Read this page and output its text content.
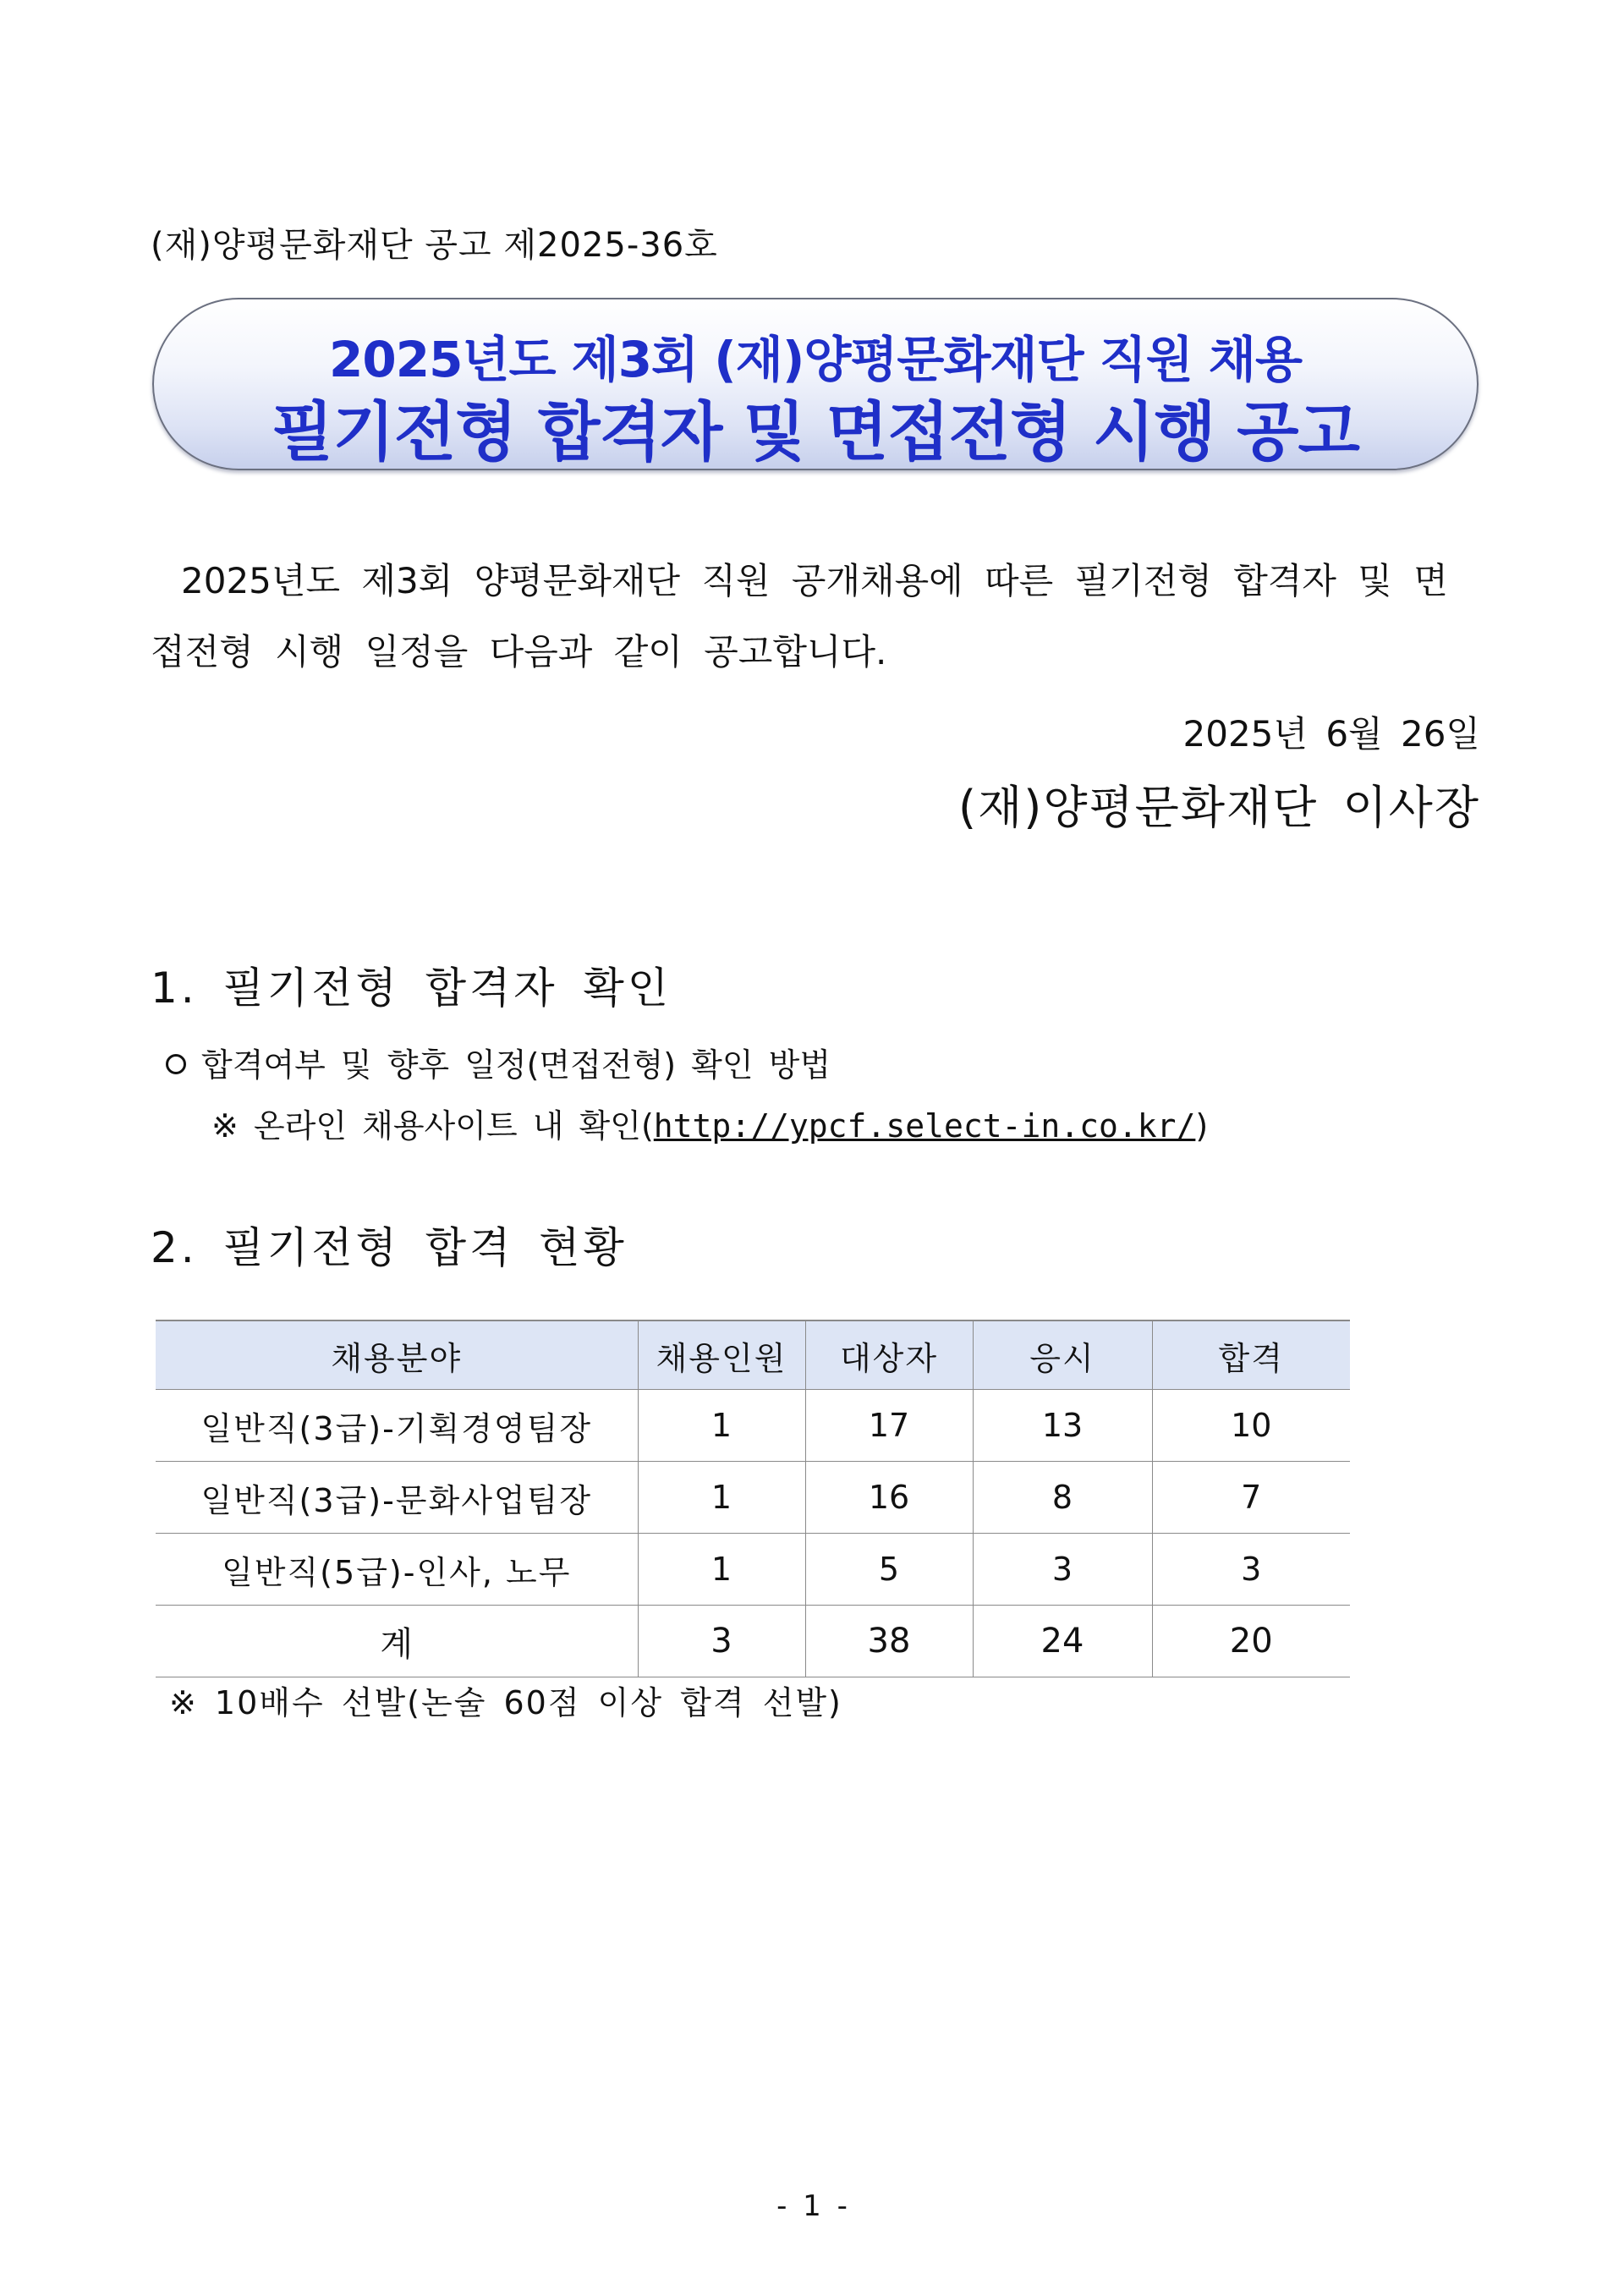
(재)양평문화재단 공고 제2025-36호
2025년도 제3회 (재)양평문화재단 직원 채용
필기전형 합격자 및 면접전형 시행 공고
2025년도 제3회 양평문화재단 직원 공개채용에 따른 필기전형 합격자 및 면접전형 시행 일정을 다음과 같이 공고합니다.
2025년 6월 26일
(재)양평문화재단 이사장
1. 필기전형 합격자 확인
합격여부 및 향후 일정(면접전형) 확인 방법
※ 온라인 채용사이트 내 확인(http://ypcf.select-in.co.kr/)
2. 필기전형 합격 현황
채용분야	채용인원	대상자	응시	합격
일반직(3급)-기획경영팀장	1	17	13	10
일반직(3급)-문화사업팀장	1	16	8	7
일반직(5급)-인사, 노무	1	5	3	3
계	3	38	24	20
※ 10배수 선발(논술 60점 이상 합격 선발)
- 1 -
